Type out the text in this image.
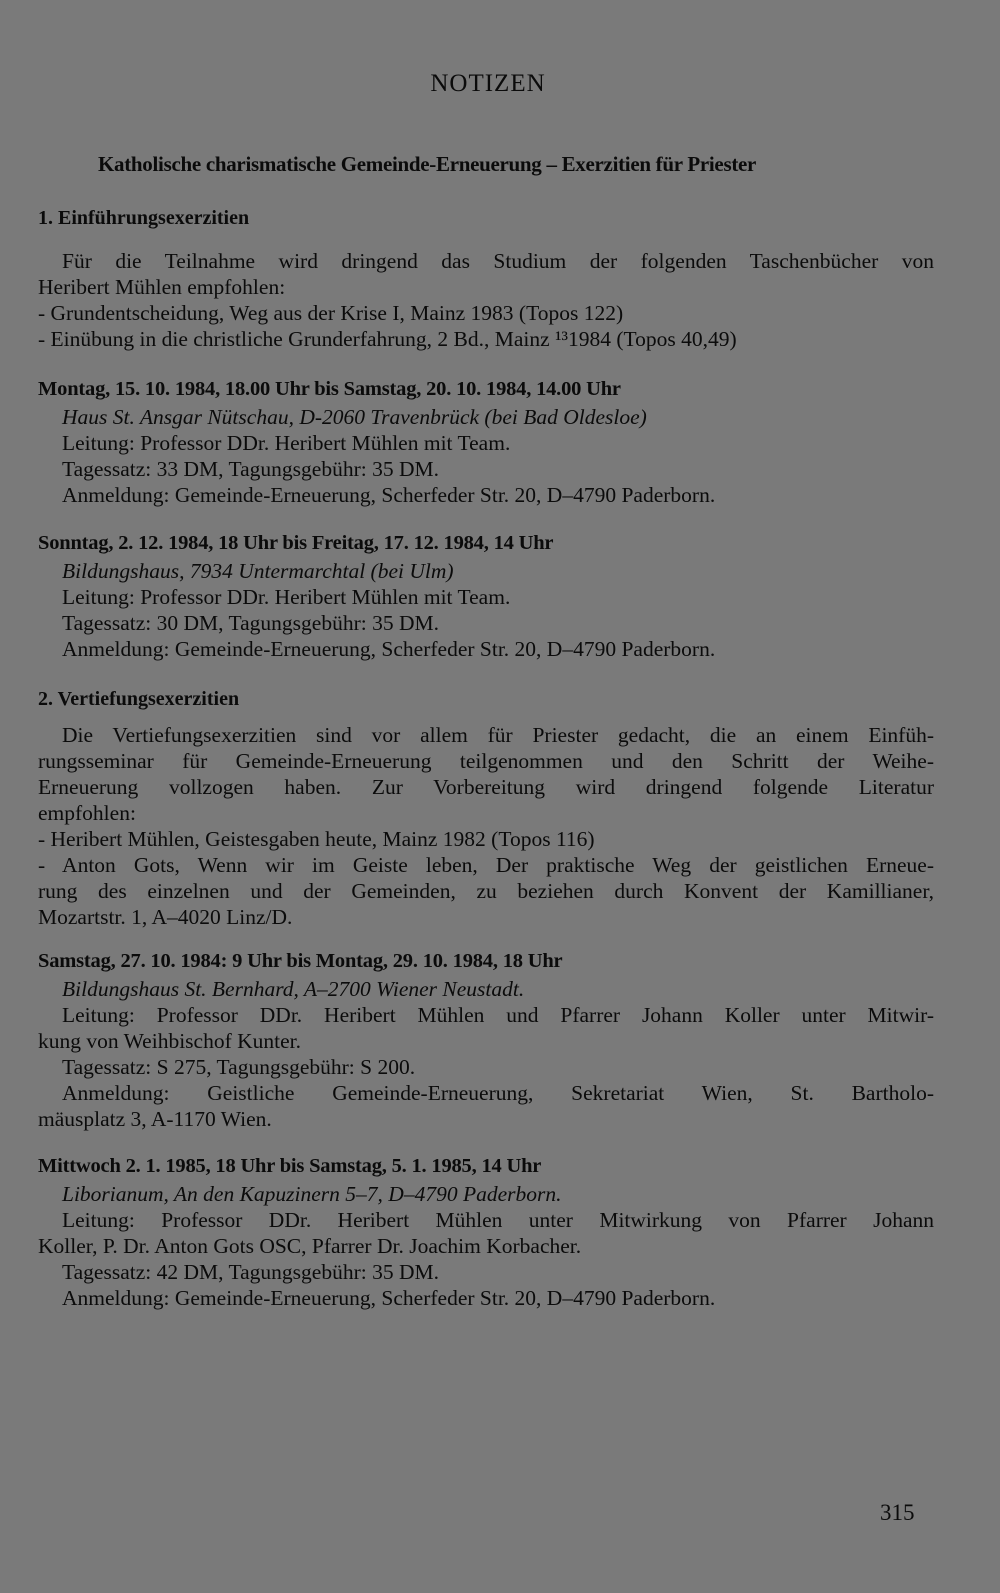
NOTIZEN
Katholische charismatische Gemeinde-Erneuerung – Exerzitien für Priester
1. Einführungsexerzitien
Für die Teilnahme wird dringend das Studium der folgenden Taschenbücher von
Heribert Mühlen empfohlen:
- Grundentscheidung, Weg aus der Krise I, Mainz 1983 (Topos 122)
- Einübung in die christliche Grunderfahrung, 2 Bd., Mainz ¹³1984 (Topos 40,49)
Montag, 15. 10. 1984, 18.00 Uhr bis Samstag, 20. 10. 1984, 14.00 Uhr
Haus St. Ansgar Nütschau, D-2060 Travenbrück (bei Bad Oldesloe)
Leitung: Professor DDr. Heribert Mühlen mit Team.
Tagessatz: 33 DM, Tagungsgebühr: 35 DM.
Anmeldung: Gemeinde-Erneuerung, Scherfeder Str. 20, D–4790 Paderborn.
Sonntag, 2. 12. 1984, 18 Uhr bis Freitag, 17. 12. 1984, 14 Uhr
Bildungshaus, 7934 Untermarchtal (bei Ulm)
Leitung: Professor DDr. Heribert Mühlen mit Team.
Tagessatz: 30 DM, Tagungsgebühr: 35 DM.
Anmeldung: Gemeinde-Erneuerung, Scherfeder Str. 20, D–4790 Paderborn.
2. Vertiefungsexerzitien
Die Vertiefungsexerzitien sind vor allem für Priester gedacht, die an einem Einfüh-
rungsseminar für Gemeinde-Erneuerung teilgenommen und den Schritt der Weihe-
Erneuerung vollzogen haben. Zur Vorbereitung wird dringend folgende Literatur
empfohlen:
- Heribert Mühlen, Geistesgaben heute, Mainz 1982 (Topos 116)
- Anton Gots, Wenn wir im Geiste leben, Der praktische Weg der geistlichen Erneue-
rung des einzelnen und der Gemeinden, zu beziehen durch Konvent der Kamillianer,
Mozartstr. 1, A–4020 Linz/D.
Samstag, 27. 10. 1984: 9 Uhr bis Montag, 29. 10. 1984, 18 Uhr
Bildungshaus St. Bernhard, A–2700 Wiener Neustadt.
Leitung: Professor DDr. Heribert Mühlen und Pfarrer Johann Koller unter Mitwir-
kung von Weihbischof Kunter.
Tagessatz: S 275, Tagungsgebühr: S 200.
Anmeldung: Geistliche Gemeinde-Erneuerung, Sekretariat Wien, St. Bartholo-
mäusplatz 3, A-1170 Wien.
Mittwoch 2. 1. 1985, 18 Uhr bis Samstag, 5. 1. 1985, 14 Uhr
Liborianum, An den Kapuzinern 5–7, D–4790 Paderborn.
Leitung: Professor DDr. Heribert Mühlen unter Mitwirkung von Pfarrer Johann
Koller, P. Dr. Anton Gots OSC, Pfarrer Dr. Joachim Korbacher.
Tagessatz: 42 DM, Tagungsgebühr: 35 DM.
Anmeldung: Gemeinde-Erneuerung, Scherfeder Str. 20, D–4790 Paderborn.
315
